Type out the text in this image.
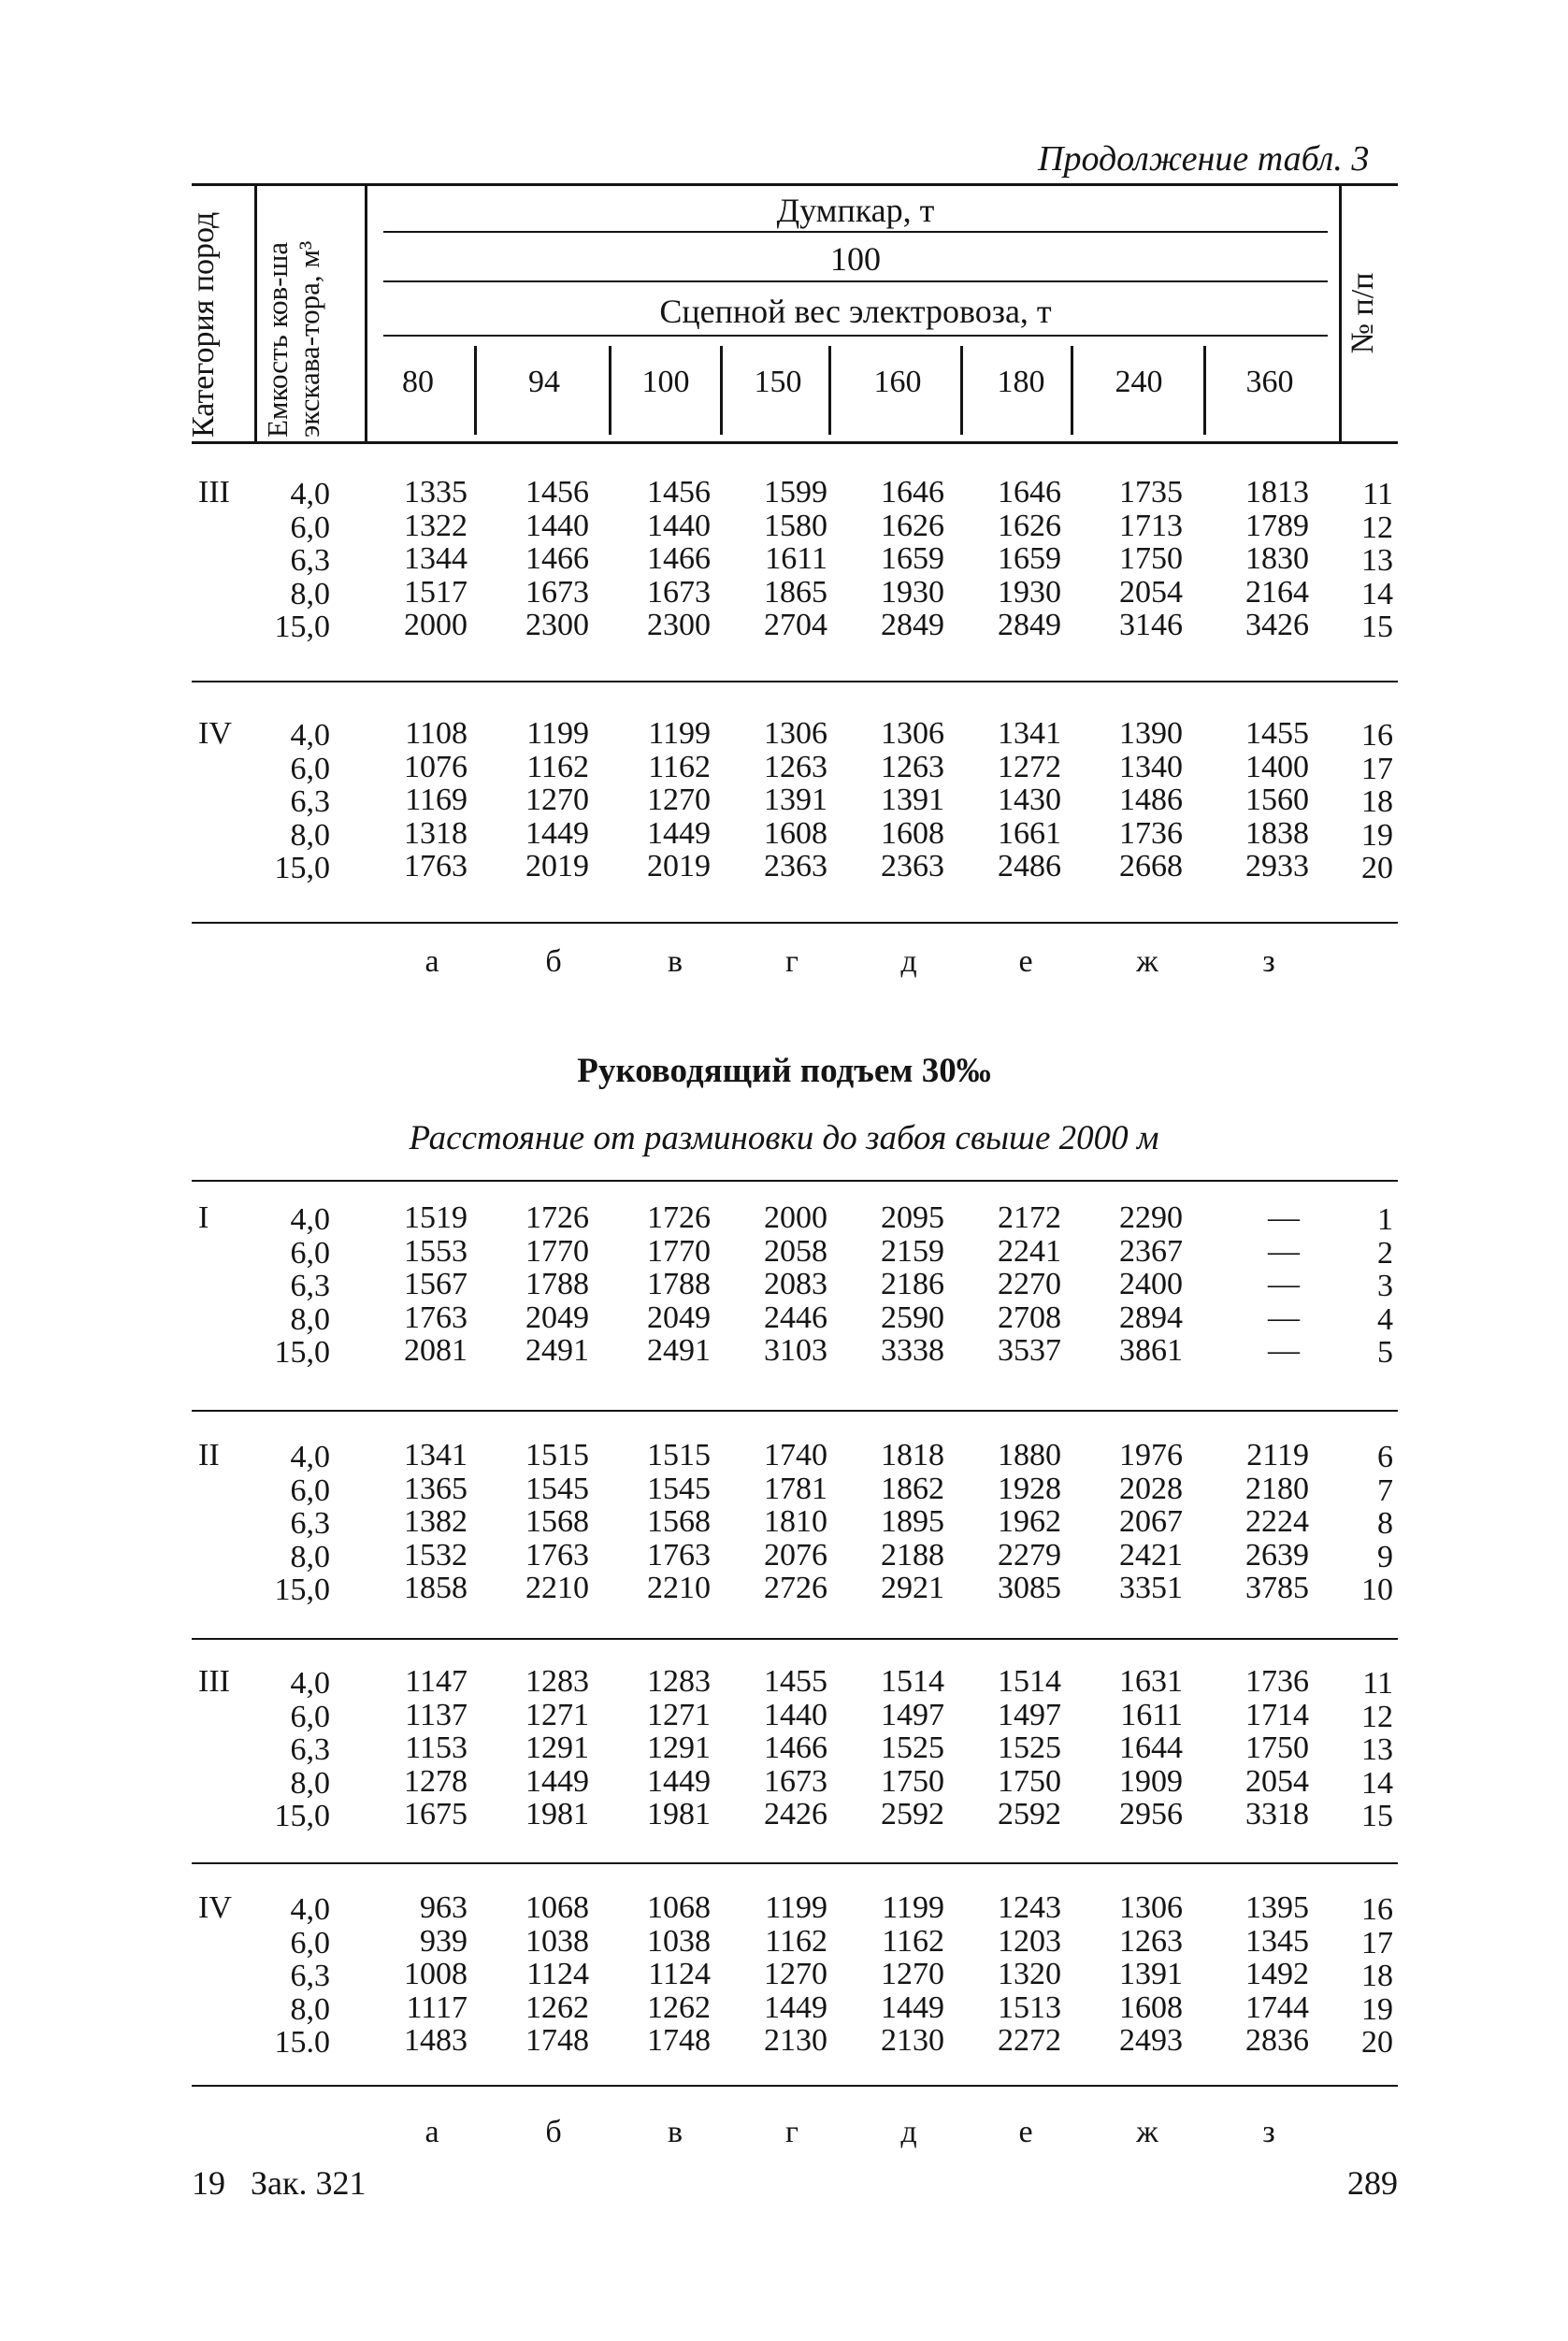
Продолжение табл. 3
Категория пород Емкость ков-ша экскава-тора, м³	№ п/п
Думпкар, т
100
Сцепной вес электровоза, т
80	94	100	150	160	180	240	360
III	4,0	1335	1456	1456	1599	1646	1646	1735	1813	11
6,0	1322	1440	1440	1580	1626	1626	1713	1789	12
6,3	1344	1466	1466	1611	1659	1659	1750	1830	13
8,0	1517	1673	1673	1865	1930	1930	2054	2164	14
15,0	2000	2300	2300	2704	2849	2849	3146	3426	15
IV	4,0	1108	1199	1199	1306	1306	1341	1390	1455	16
6,0	1076	1162	1162	1263	1263	1272	1340	1400	17
6,3	1169	1270	1270	1391	1391	1430	1486	1560	18
8,0	1318	1449	1449	1608	1608	1661	1736	1838	19
15,0	1763	2019	2019	2363	2363	2486	2668	2933	20
а	б	в	г	д	е	ж	з
Руководящий подъем 30‰
Расстояние от разминовки до забоя свыше 2000 м
I	4,0	1519	1726	1726	2000	2095	2172	2290	—	1
6,0	1553	1770	1770	2058	2159	2241	2367	—	2
6,3	1567	1788	1788	2083	2186	2270	2400	—	3
8,0	1763	2049	2049	2446	2590	2708	2894	—	4
15,0	2081	2491	2491	3103	3338	3537	3861	—	5
II	4,0	1341	1515	1515	1740	1818	1880	1976	2119	6
6,0	1365	1545	1545	1781	1862	1928	2028	2180	7
6,3	1382	1568	1568	1810	1895	1962	2067	2224	8
8,0	1532	1763	1763	2076	2188	2279	2421	2639	9
15,0	1858	2210	2210	2726	2921	3085	3351	3785	10
III	4,0	1147	1283	1283	1455	1514	1514	1631	1736	11
6,0	1137	1271	1271	1440	1497	1497	1611	1714	12
6,3	1153	1291	1291	1466	1525	1525	1644	1750	13
8,0	1278	1449	1449	1673	1750	1750	1909	2054	14
15,0	1675	1981	1981	2426	2592	2592	2956	3318	15
IV	4,0	963	1068	1068	1199	1199	1243	1306	1395	16
6,0	939	1038	1038	1162	1162	1203	1263	1345	17
6,3	1008	1124	1124	1270	1270	1320	1391	1492	18
8,0	1117	1262	1262	1449	1449	1513	1608	1744	19
15.0	1483	1748	1748	2130	2130	2272	2493	2836	20
а	б	в	г	д	е	ж	з
19   Зак. 321	289
